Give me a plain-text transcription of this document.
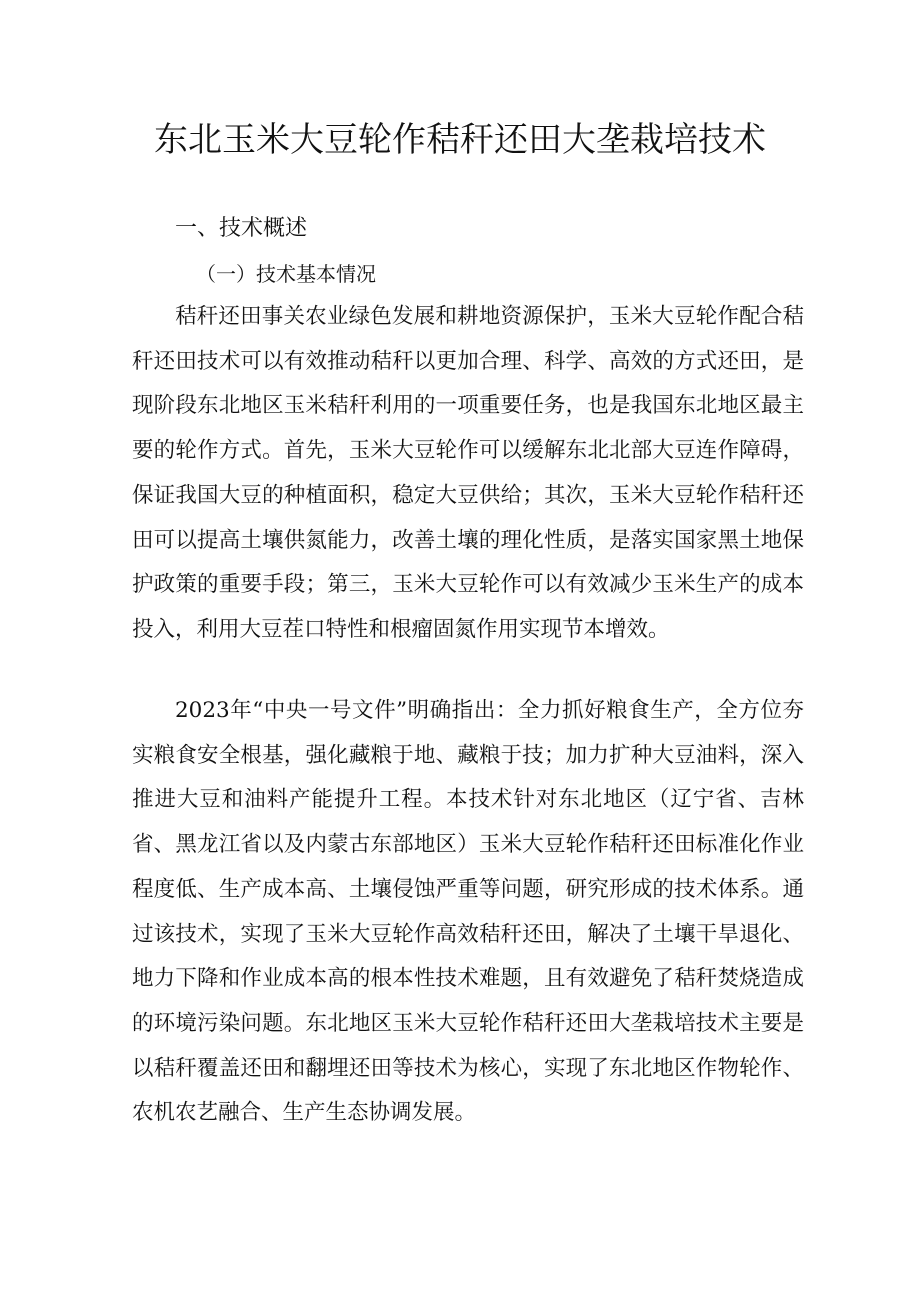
东北玉米大豆轮作秸秆还田大垄栽培技术
一、技术概述
（一）技术基本情况

秸秆还田事关农业绿色发展和耕地资源保护，玉米大豆轮作配合秸秆还田技术可以有效推动秸秆以更加合理、科学、高效的方式还田，是现阶段东北地区玉米秸秆利用的一项重要任务，也是我国东北地区最主要的轮作方式。首先，玉米大豆轮作可以缓解东北北部大豆连作障碍，保证我国大豆的种植面积，稳定大豆供给；其次，玉米大豆轮作秸秆还田可以提高土壤供氮能力，改善土壤的理化性质，是落实国家黑土地保护政策的重要手段；第三，玉米大豆轮作可以有效减少玉米生产的成本投入，利用大豆茬口特性和根瘤固氮作用实现节本增效。

2023年“中央一号文件”明确指出：全力抓好粮食生产，全方位夯实粮食安全根基，强化藏粮于地、藏粮于技；加力扩种大豆油料，深入推进大豆和油料产能提升工程。本技术针对东北地区（辽宁省、吉林省、黑龙江省以及内蒙古东部地区）玉米大豆轮作秸秆还田标准化作业程度低、生产成本高、土壤侵蚀严重等问题，研究形成的技术体系。通过该技术，实现了玉米大豆轮作高效秸秆还田，解决了土壤干旱退化、地力下降和作业成本高的根本性技术难题，且有效避免了秸秆焚烧造成的环境污染问题。东北地区玉米大豆轮作秸秆还田大垄栽培技术主要是以秸秆覆盖还田和翻埋还田等技术为核心，实现了东北地区作物轮作、农机农艺融合、生产生态协调发展。
